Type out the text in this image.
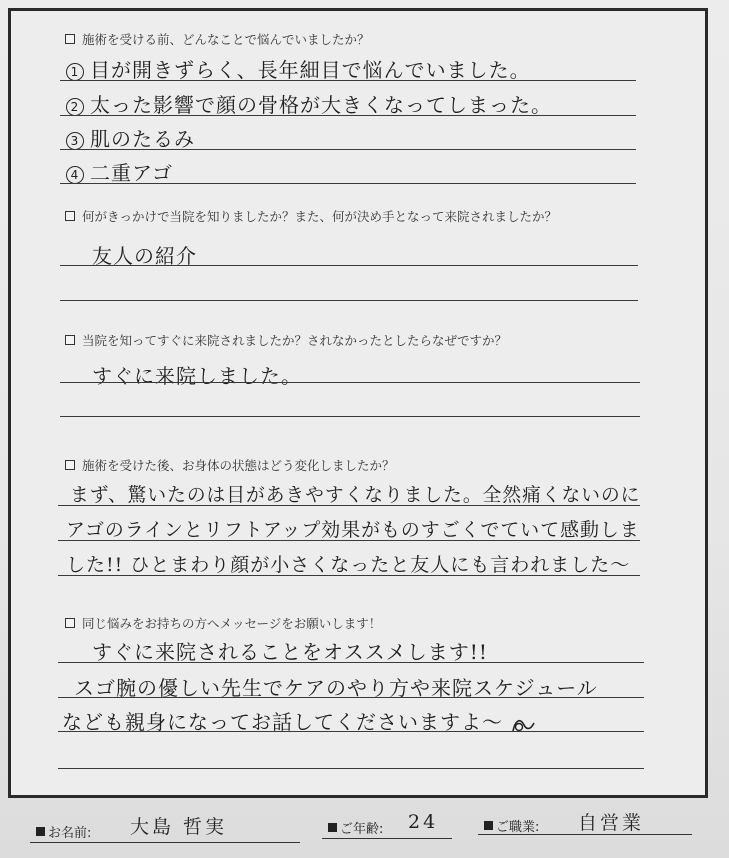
施術を受ける前、どんなことで悩んでいましたか？
1 目が開きずらく、長年細目で悩んでいました。
2 太った影響で顔の骨格が大きくなってしまった。
3 肌のたるみ
4 二重アゴ
何がきっかけで当院を知りましたか？また、何が決め手となって来院されましたか？
友人の紹介
当院を知ってすぐに来院されましたか？されなかったとしたらなぜですか？
すぐに来院しました。
施術を受けた後、お身体の状態はどう変化しましたか？
まず、驚いたのは目があきやすくなりました。全然痛くないのに
アゴのラインとリフトアップ効果がものすごくでていて感動しま
した!! ひとまわり顔が小さくなったと友人にも言われました〜
同じ悩みをお持ちの方へメッセージをお願いします！
すぐに来院されることをオススメします!!
スゴ腕の優しい先生でケアのやり方や来院スケジュール
なども親身になってお話してくださいますよ〜
お名前: 大島 哲実	ご年齢: 24	ご職業: 自営業
